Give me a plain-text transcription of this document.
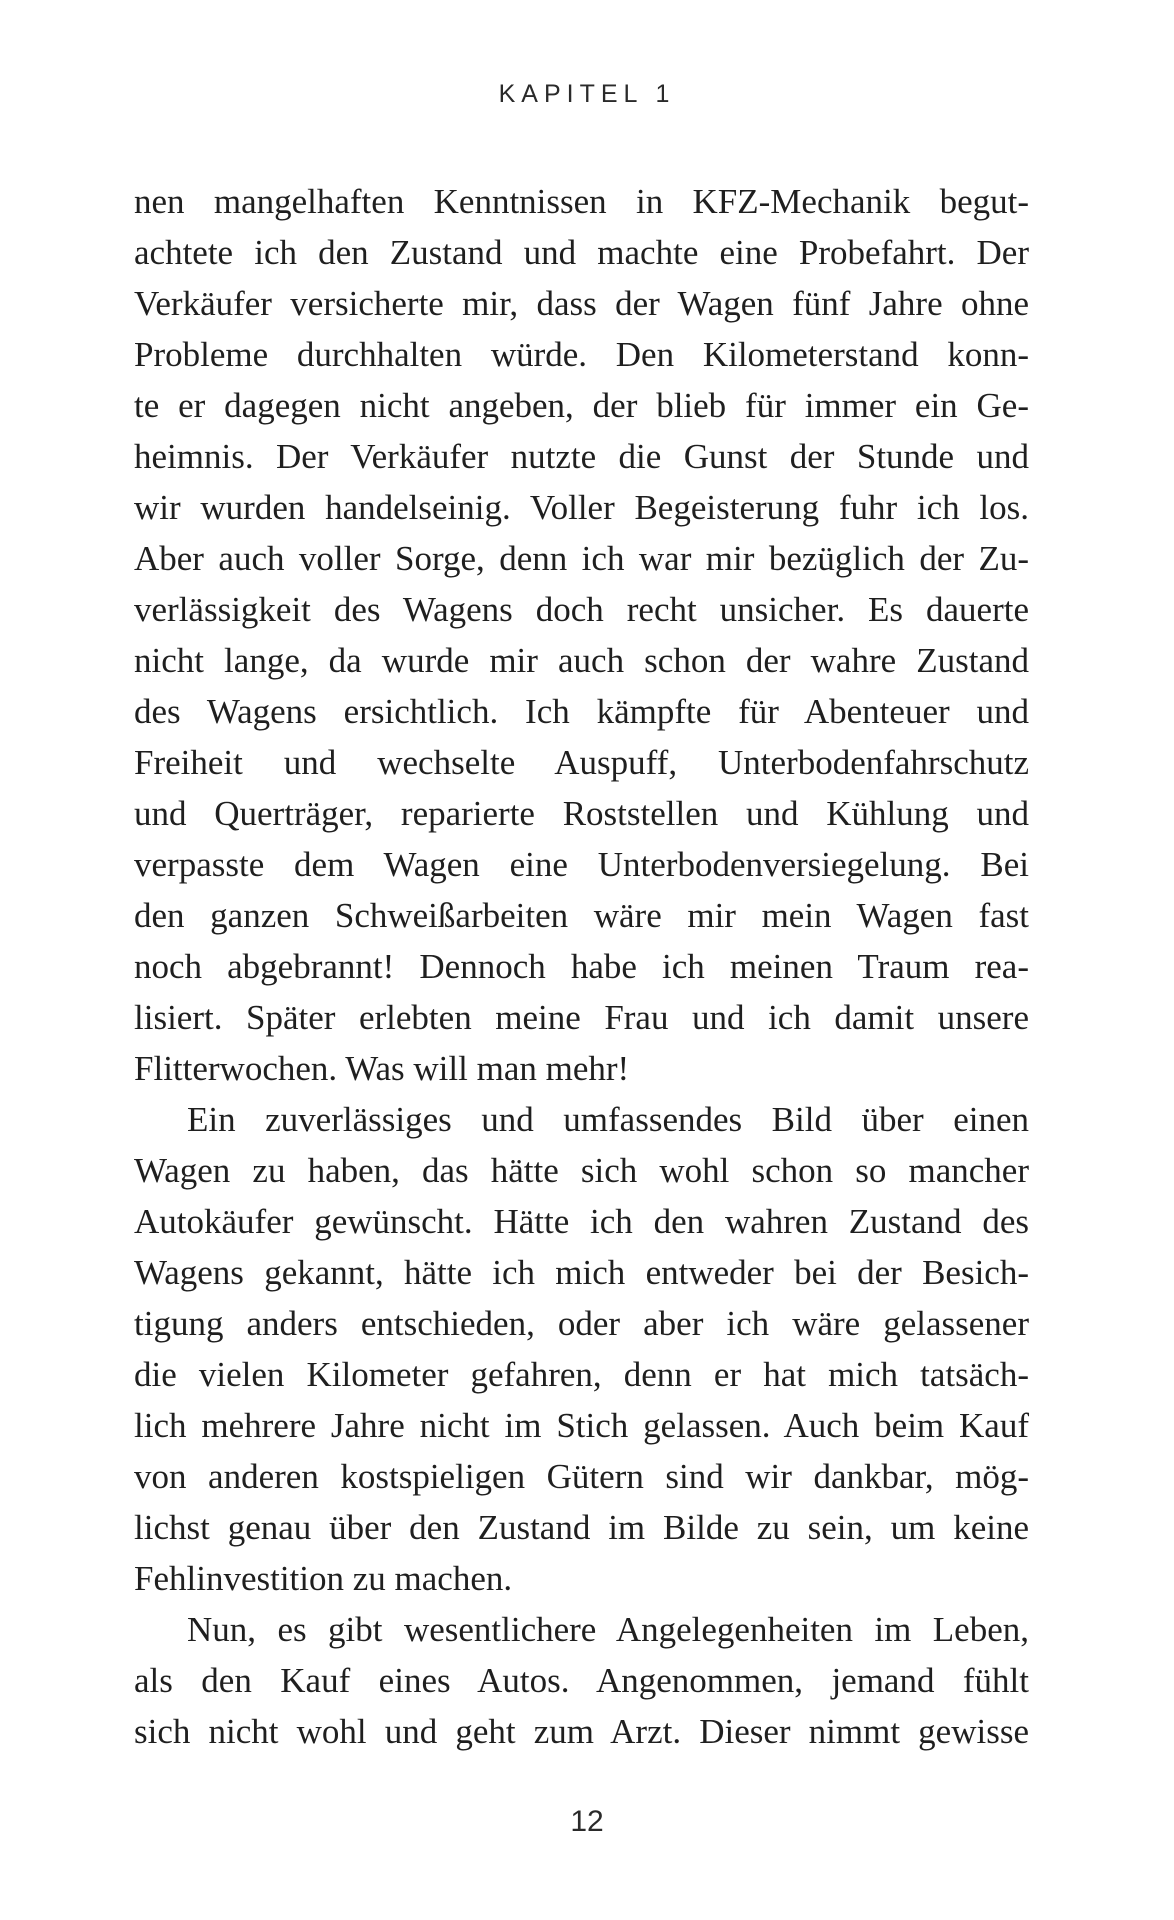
KAPITEL 1
nen mangelhaften Kenntnissen in KFZ-Mechanik begut-
achtete ich den Zustand und machte eine Probefahrt. Der
Verkäufer versicherte mir, dass der Wagen fünf Jahre ohne
Probleme durchhalten würde. Den Kilometerstand konn-
te er dagegen nicht angeben, der blieb für immer ein Ge-
heimnis. Der Verkäufer nutzte die Gunst der Stunde und
wir wurden handelseinig. Voller Begeisterung fuhr ich los.
Aber auch voller Sorge, denn ich war mir bezüglich der Zu-
verlässigkeit des Wagens doch recht unsicher. Es dauerte
nicht lange, da wurde mir auch schon der wahre Zustand
des Wagens ersichtlich. Ich kämpfte für Abenteuer und
Freiheit und wechselte Auspuff, Unterbodenfahrschutz
und Querträger, reparierte Roststellen und Kühlung und
verpasste dem Wagen eine Unterbodenversiegelung. Bei
den ganzen Schweißarbeiten wäre mir mein Wagen fast
noch abgebrannt! Dennoch habe ich meinen Traum rea-
lisiert. Später erlebten meine Frau und ich damit unsere
Flitterwochen. Was will man mehr!
Ein zuverlässiges und umfassendes Bild über einen
Wagen zu haben, das hätte sich wohl schon so mancher
Autokäufer gewünscht. Hätte ich den wahren Zustand des
Wagens gekannt, hätte ich mich entweder bei der Besich-
tigung anders entschieden, oder aber ich wäre gelassener
die vielen Kilometer gefahren, denn er hat mich tatsäch-
lich mehrere Jahre nicht im Stich gelassen. Auch beim Kauf
von anderen kostspieligen Gütern sind wir dankbar, mög-
lichst genau über den Zustand im Bilde zu sein, um keine
Fehlinvestition zu machen.
Nun, es gibt wesentlichere Angelegenheiten im Leben,
als den Kauf eines Autos. Angenommen, jemand fühlt
sich nicht wohl und geht zum Arzt. Dieser nimmt gewisse
12
